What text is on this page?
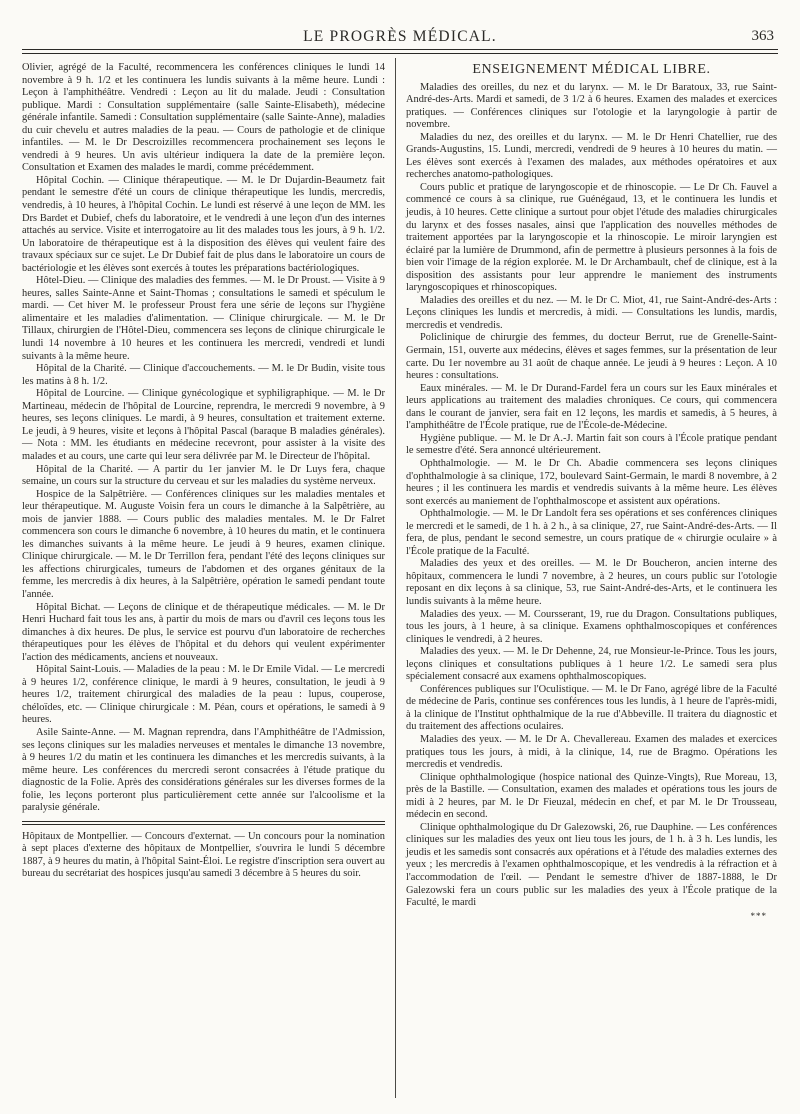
LE PROGRÈS MÉDICAL.	363

Olivier, agrégé de la Faculté, recommencera les conférences cliniques le lundi 14 novembre à 9 h. 1/2 et les continuera les lundis suivants à la même heure. Lundi : Leçon à l'amphithéâtre. Vendredi : Leçon au lit du malade. Jeudi : Consultation publique. Mardi : Consultation supplémentaire (salle Sainte-Elisabeth), médecine générale infantile. Samedi : Consultation supplémentaire (salle Sainte-Anne), maladies du cuir chevelu et autres maladies de la peau. — Cours de pathologie et de clinique infantiles. — M. le Dr Descroizilles recommencera prochainement ses leçons le vendredi à 9 heures. Un avis ultérieur indiquera la date de la première leçon. Consultation et Examen des malades le mardi, comme précédemment.

Hôpital Cochin. — Clinique thérapeutique. — M. le Dr Dujardin-Beaumetz fait pendant le semestre d'été un cours de clinique thérapeutique les lundis, mercredis, vendredis, à 10 heures, à l'hôpital Cochin. Le lundi est réservé à une leçon de MM. les Drs Bardet et Dubief, chefs du laboratoire, et le vendredi à une leçon d'un des internes attachés au service. Visite et interrogatoire au lit des malades tous les jours, à 9 h. 1/2. Un laboratoire de thérapeutique est à la disposition des élèves qui veulent faire des travaux spéciaux sur ce sujet. Le Dr Dubief fait de plus dans le laboratoire un cours de bactériologie et les élèves sont exercés à toutes les préparations bactériologiques.

Hôtel-Dieu. — Clinique des maladies des femmes. — M. le Dr Proust. — Visite à 9 heures, salles Sainte-Anne et Saint-Thomas ; consultations le samedi et spéculum le mardi. — Cet hiver M. le professeur Proust fera une série de leçons sur l'hygiène alimentaire et les maladies d'alimentation. — Clinique chirurgicale. — M. le Dr Tillaux, chirurgien de l'Hôtel-Dieu, commencera ses leçons de clinique chirurgicale le lundi 14 novembre à 10 heures et les continuera les mercredi, vendredi et lundi suivants à la même heure.

Hôpital de la Charité. — Clinique d'accouchements. — M. le Dr Budin, visite tous les matins à 8 h. 1/2.

Hôpital de Lourcine. — Clinique gynécologique et syphiligraphique. — M. le Dr Martineau, médecin de l'hôpital de Lourcine, reprendra, le mercredi 9 novembre, à 9 heures, ses leçons cliniques. Le mardi, à 9 heures, consultation et traitement externe. Le jeudi, à 9 heures, visite et leçons à l'hôpital Pascal (baraque B maladies générales). — Nota : MM. les étudiants en médecine recevront, pour assister à la visite des malades et au cours, une carte qui leur sera délivrée par M. le Directeur de l'hôpital.

Hôpital de la Charité. — A partir du 1er janvier M. le Dr Luys fera, chaque semaine, un cours sur la structure du cerveau et sur les maladies du système nerveux.

Hospice de la Salpêtrière. — Conférences cliniques sur les maladies mentales et leur thérapeutique. M. Auguste Voisin fera un cours le dimanche à la Salpêtrière, au mois de janvier 1888. — Cours public des maladies mentales. M. le Dr Falret commencera son cours le dimanche 6 novembre, à 10 heures du matin, et le continuera les dimanches suivants à la même heure. Le jeudi à 9 heures, examen clinique. Clinique chirurgicale. — M. le Dr Terrillon fera, pendant l'été des leçons cliniques sur les affections chirurgicales, tumeurs de l'abdomen et des organes génitaux de la femme, les mercredis à dix heures, à la Salpêtrière, opération le samedi pendant toute l'année.

Hôpital Bichat. — Leçons de clinique et de thérapeutique médicales. — M. le Dr Henri Huchard fait tous les ans, à partir du mois de mars ou d'avril ces leçons tous les dimanches à dix heures. De plus, le service est pourvu d'un laboratoire de recherches thérapeutiques pour les élèves de l'hôpital et du dehors qui veulent expérimenter l'action des médicaments, anciens et nouveaux.

Hôpital Saint-Louis. — Maladies de la peau : M. le Dr Emile Vidal. — Le mercredi à 9 heures 1/2, conférence clinique, le mardi à 9 heures, consultation, le jeudi à 9 heures 1/2, traitement chirurgical des maladies de la peau : lupus, couperose, chéloïdes, etc. — Clinique chirurgicale : M. Péan, cours et opérations, le samedi à 9 heures.

Asile Sainte-Anne. — M. Magnan reprendra, dans l'Amphithéâtre de l'Admission, ses leçons cliniques sur les maladies nerveuses et mentales le dimanche 13 novembre, à 9 heures 1/2 du matin et les continuera les dimanches et les mercredis suivants, à la même heure. Les conférences du mercredi seront consacrées à l'étude pratique du diagnostic de la Folie. Après des considérations générales sur les diverses formes de la folie, les leçons porteront plus particulièrement cette année sur l'alcoolisme et la paralysie générale.

Hôpitaux de Montpellier. — Concours d'externat. — Un concours pour la nomination à sept places d'externe des hôpitaux de Montpellier, s'ouvrira le lundi 5 décembre 1887, à 9 heures du matin, à l'hôpital Saint-Éloi. Le registre d'inscription sera ouvert au bureau du secrétariat des hospices jusqu'au samedi 3 décembre à 5 heures du soir.

ENSEIGNEMENT MÉDICAL LIBRE.

Maladies des oreilles, du nez et du larynx. — M. le Dr Baratoux, 33, rue Saint-André-des-Arts. Mardi et samedi, de 3 1/2 à 6 heures. Examen des malades et exercices pratiques. — Conférences cliniques sur l'otologie et la laryngologie à partir de novembre.

Maladies du nez, des oreilles et du larynx. — M. le Dr Henri Chatellier, rue des Grands-Augustins, 15. Lundi, mercredi, vendredi de 9 heures à 10 heures du matin. — Les élèves sont exercés à l'examen des malades, aux méthodes opératoires et aux recherches anatomo-pathologiques.

Cours public et pratique de laryngoscopie et de rhinoscopie. — Le Dr Ch. Fauvel a commencé ce cours à sa clinique, rue Guénégaud, 13, et le continuera les lundis et jeudis, à 10 heures. Cette clinique a surtout pour objet l'étude des maladies chirurgicales du larynx et des fosses nasales, ainsi que l'application des nouvelles méthodes de traitement apportées par la laryngoscopie et la rhinoscopie. Le miroir laryngien est éclairé par la lumière de Drummond, afin de permettre à plusieurs personnes à la fois de bien voir l'image de la région explorée. M. le Dr Archambault, chef de clinique, est à la disposition des assistants pour leur apprendre le maniement des instruments laryngoscopiques et rhinoscopiques.

Maladies des oreilles et du nez. — M. le Dr C. Miot, 41, rue Saint-André-des-Arts : Leçons cliniques les lundis et mercredis, à midi. — Consultations les lundis, mardis, mercredis et vendredis.

Policlinique de chirurgie des femmes, du docteur Berrut, rue de Grenelle-Saint-Germain, 151, ouverte aux médecins, élèves et sages femmes, sur la présentation de leur carte. Du 1er novembre au 31 août de chaque année. Le jeudi à 9 heures : Leçon. A 10 heures : consultations.

Eaux minérales. — M. le Dr Durand-Fardel fera un cours sur les Eaux minérales et leurs applications au traitement des maladies chroniques. Ce cours, qui commencera dans le courant de janvier, sera fait en 12 leçons, les mardis et samedis, à 5 heures, à l'amphithéâtre de l'École pratique, rue de l'École-de-Médecine.

Hygiène publique. — M. le Dr A.-J. Martin fait son cours à l'École pratique pendant le semestre d'été. Sera annoncé ultérieurement.

Ophthalmologie. — M. le Dr Ch. Abadie commencera ses leçons cliniques d'ophthalmologie à sa clinique, 172, boulevard Saint-Germain, le mardi 8 novembre, à 2 heures ; il les continuera les mardis et vendredis suivants à la même heure. Les élèves sont exercés au maniement de l'ophthalmoscope et assistent aux opérations.

Ophthalmologie. — M. le Dr Landolt fera ses opérations et ses conférences cliniques le mercredi et le samedi, de 1 h. à 2 h., à sa clinique, 27, rue Saint-André-des-Arts. — Il fera, de plus, pendant le second semestre, un cours pratique de « chirurgie oculaire » à l'École pratique de la Faculté.

Maladies des yeux et des oreilles. — M. le Dr Boucheron, ancien interne des hôpitaux, commencera le lundi 7 novembre, à 2 heures, un cours public sur l'otologie reposant en dix leçons à sa clinique, 53, rue Saint-André-des-Arts, et le continuera les lundis suivants à la même heure.

Maladies des yeux. — M. Coursserant, 19, rue du Dragon. Consultations publiques, tous les jours, à 1 heure, à sa clinique. Examens ophthalmoscopiques et conférences cliniques le vendredi, à 2 heures.

Maladies des yeux. — M. le Dr Dehenne, 24, rue Monsieur-le-Prince. Tous les jours, leçons cliniques et consultations publiques à 1 heure 1/2. Le samedi sera plus spécialement consacré aux examens ophthalmoscopiques.

Conférences publiques sur l'Oculistique. — M. le Dr Fano, agrégé libre de la Faculté de médecine de Paris, continue ses conférences tous les lundis, à 1 heure de l'après-midi, à la clinique de l'Institut ophthalmique de la rue d'Abbeville. Il traitera du diagnostic et du traitement des affections oculaires.

Maladies des yeux. — M. le Dr A. Chevallereau. Examen des malades et exercices pratiques tous les jours, à midi, à la clinique, 14, rue de Bragmo. Opérations les mercredis et vendredis.

Clinique ophthalmologique (hospice national des Quinze-Vingts), Rue Moreau, 13, près de la Bastille. — Consultation, examen des malades et opérations tous les jours de midi à 2 heures, par M. le Dr Fieuzal, médecin en chef, et par M. le Dr Trousseau, médecin en second.

Clinique ophthalmologique du Dr Galezowski, 26, rue Dauphine. — Les conférences cliniques sur les maladies des yeux ont lieu tous les jours, de 1 h. à 3 h. Les lundis, les jeudis et les samedis sont consacrés aux opérations et à l'étude des maladies externes des yeux ; les mercredis à l'examen ophthalmoscopique, et les vendredis à la réfraction et à l'accommodation de l'œil. — Pendant le semestre d'hiver de 1887-1888, le Dr Galezowski fera un cours public sur les maladies des yeux à l'École pratique de la Faculté, le mardi

***
